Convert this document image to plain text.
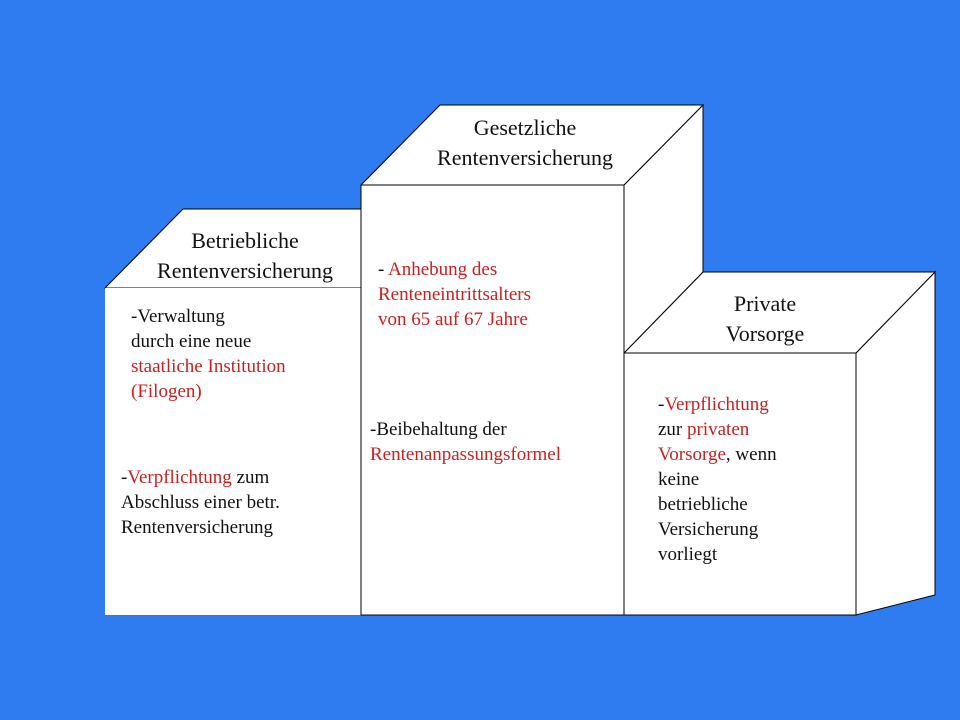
Betriebliche
Rentenversicherung
-Verwaltung
durch eine neue
staatliche Institution
(Filogen)
-Verpflichtung zum
Abschluss einer betr.
Rentenversicherung
Gesetzliche
Rentenversicherung
- Anhebung des
Renteneintrittsalters
von 65 auf 67 Jahre
-Beibehaltung der
Rentenanpassungsformel
Private
Vorsorge
-Verpflichtung
zur privaten
Vorsorge, wenn
keine
betriebliche
Versicherung
vorliegt
